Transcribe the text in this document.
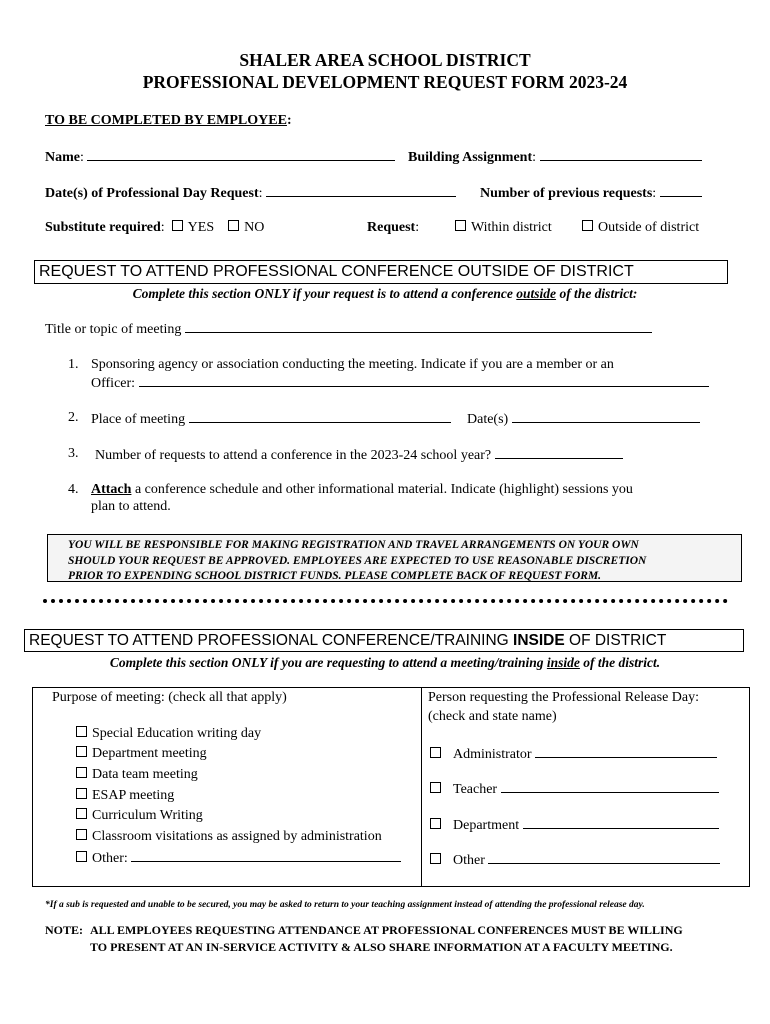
SHALER AREA SCHOOL DISTRICT
PROFESSIONAL DEVELOPMENT REQUEST FORM 2023-24
TO BE COMPLETED BY EMPLOYEE:
Name:	Building Assignment:
Date(s) of Professional Day Request:	Number of previous requests:
Substitute required: YES NO	Request:	Within district	Outside of district
REQUEST TO ATTEND PROFESSIONAL CONFERENCE OUTSIDE OF DISTRICT
Complete this section ONLY if your request is to attend a conference outside of the district:
Title or topic of meeting
1. Sponsoring agency or association conducting the meeting. Indicate if you are a member or an
Officer:
2. Place of meeting	Date(s)
3. Number of requests to attend a conference in the 2023-24 school year?
4. Attach a conference schedule and other informational material. Indicate (highlight) sessions you
plan to attend.
YOU WILL BE RESPONSIBLE FOR MAKING REGISTRATION AND TRAVEL ARRANGEMENTS ON YOUR OWN
SHOULD YOUR REQUEST BE APPROVED. EMPLOYEES ARE EXPECTED TO USE REASONABLE DISCRETION
PRIOR TO EXPENDING SCHOOL DISTRICT FUNDS. PLEASE COMPLETE BACK OF REQUEST FORM.
REQUEST TO ATTEND PROFESSIONAL CONFERENCE/TRAINING INSIDE OF DISTRICT
Complete this section ONLY if you are requesting to attend a meeting/training inside of the district.
Purpose of meeting: (check all that apply)
Special Education writing day
Department meeting
Data team meeting
ESAP meeting
Curriculum Writing
Classroom visitations as assigned by administration
Other:
Person requesting the Professional Release Day:
(check and state name)
Administrator
Teacher
Department
Other
*If a sub is requested and unable to be secured, you may be asked to return to your teaching assignment instead of attending the professional release day.
NOTE: ALL EMPLOYEES REQUESTING ATTENDANCE AT PROFESSIONAL CONFERENCES MUST BE WILLING
TO PRESENT AT AN IN-SERVICE ACTIVITY & ALSO SHARE INFORMATION AT A FACULTY MEETING.
